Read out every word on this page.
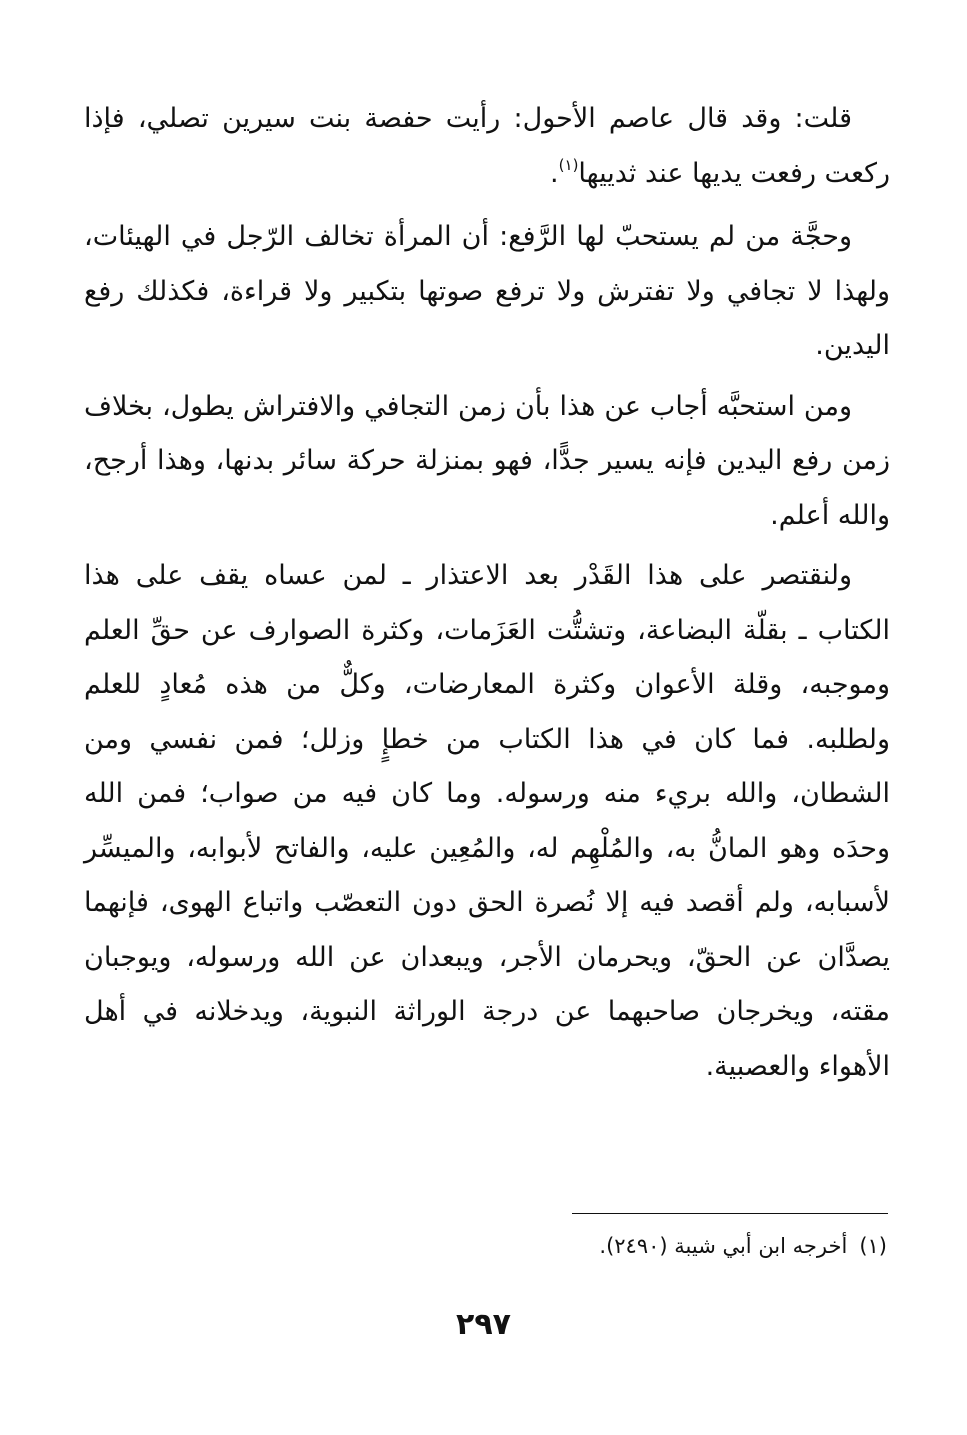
قلت: وقد قال عاصم الأحول: رأيت حفصة بنت سيرين تصلي، فإذا ركعت رفعت يديها عند ثدييها$^{(١)}$.

وحجَّة من لم يستحبّ لها الرَّفع: أن المرأة تخالف الرّجل في الهيئات، ولهذا لا تجافي ولا تفترش ولا ترفع صوتها بتكبير ولا قراءة، فكذلك رفع اليدين.

ومن استحبَّه أجاب عن هذا بأن زمن التجافي والافتراش يطول، بخلاف زمن رفع اليدين فإنه يسير جدًّا، فهو بمنزلة حركة سائر بدنها، وهذا أرجح، والله أعلم.

ولنقتصر على هذا القَدْر بعد الاعتذار ـ لمن عساه يقف على هذا الكتاب ـ بقلّة البضاعة، وتشتُّت العَزَمات، وكثرة الصوارف عن حقِّ العلم وموجبه، وقلة الأعوان وكثرة المعارضات، وكلٌّ من هذه مُعادٍ للعلم ولطلبه. فما كان في هذا الكتاب من خطإٍ وزلل؛ فمن نفسي ومن الشطان، والله بريء منه ورسوله. وما كان فيه من صواب؛ فمن الله وحدَه وهو المانُّ به، والمُلْهِم له، والمُعِين عليه، والفاتح لأبوابه، والميسِّر لأسبابه، ولم أقصد فيه إلا نُصرة الحق دون التعصّب واتباع الهوى، فإنهما يصدَّان عن الحقّ، ويحرمان الأجر، ويبعدان عن الله ورسوله، ويوجبان مقته، ويخرجان صاحبهما عن درجة الوراثة النبوية، ويدخلانه في أهل الأهواء والعصبية.

(١)أخرجه ابن أبي شيبة (٢٤٩٠).
٢٩٧
